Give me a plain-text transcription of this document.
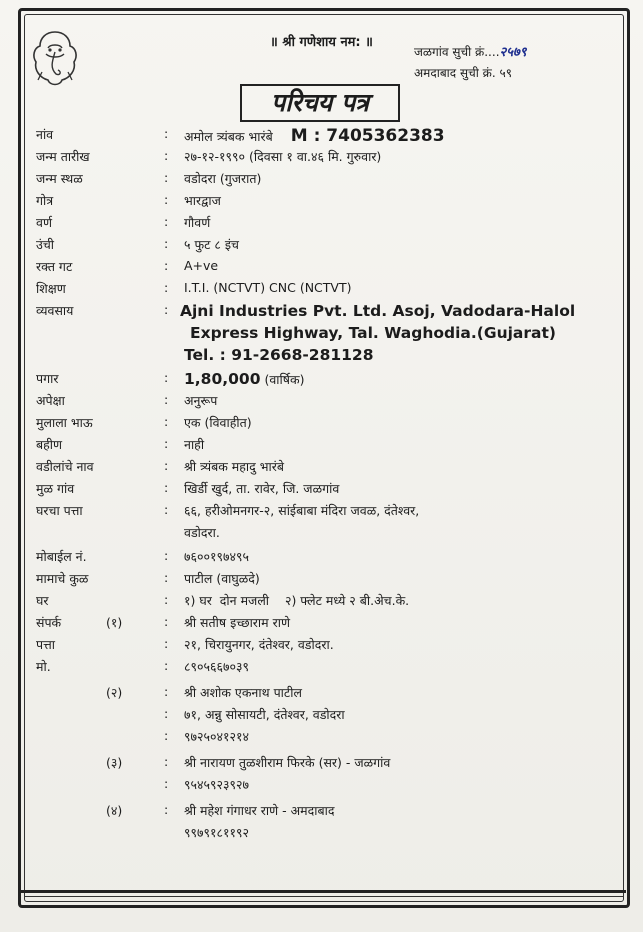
॥ श्री गणेशाय नम: ॥
जळगांव सुची क्रं....२५७९
अमदाबाद सुची क्रं. ५९
परिचय पत्र
नांव	: अमोल त्र्यंबक भारंबे M : 7405362383
जन्म तारीख	: २७-१२-१९९० (दिवसा १ वा.४६ मि. गुरुवार)
जन्म स्थळ	: वडोदरा (गुजरात)
गोत्र	: भारद्वाज
वर्ण	: गौवर्ण
उंची	: ५ फुट ८ इंच
रक्त गट	: A+ve
शिक्षण	: I.T.I. (NCTVT) CNC (NCTVT)
व्यवसाय	: Ajni Industries Pvt. Ltd. Asoj, Vadodara-Halol
Express Highway, Tal. Waghodia.(Gujarat)
Tel. : 91-2668-281128
पगार	: 1,80,000 (वार्षिक)
अपेक्षा	: अनुरूप
मुलाला भाऊ	: एक (विवाहीत)
बहीण	: नाही
वडीलांचे नाव	: श्री त्र्यंबक महादु भारंबे
मुळ गांव	: खिर्डी खुर्द, ता. रावेर, जि. जळगांव
घरचा पत्ता	: ६६, हरीओमनगर-२, सांईबाबा मंदिरा जवळ, दंतेश्वर,
वडोदरा.
मोबाईल नं.	: ७६००१९७४९५
मामाचे कुळ	: पाटील (वाघुळदे)
घर	: १) घर  दोन मजली    २) फ्लेट मध्ये २ बी.अेच.के.
संपर्क	(१)	: श्री सतीष इच्छाराम राणे
पत्ता	: २१, चिरायुनगर, दंतेश्वर, वडोदरा.
मो.	: ८९०५६६७०३९
(२)	: श्री अशोक एकनाथ पाटील
: ७१, अन्नु सोसायटी, दंतेश्वर, वडोदरा
: ९७२५०४१२१४
(३)	: श्री नारायण तुळशीराम फिरके (सर) - जळगांव
: ९५४५९२३९२७
(४)	: श्री महेश गंगाधर राणे - अमदाबाद
९९७९१८११९२
